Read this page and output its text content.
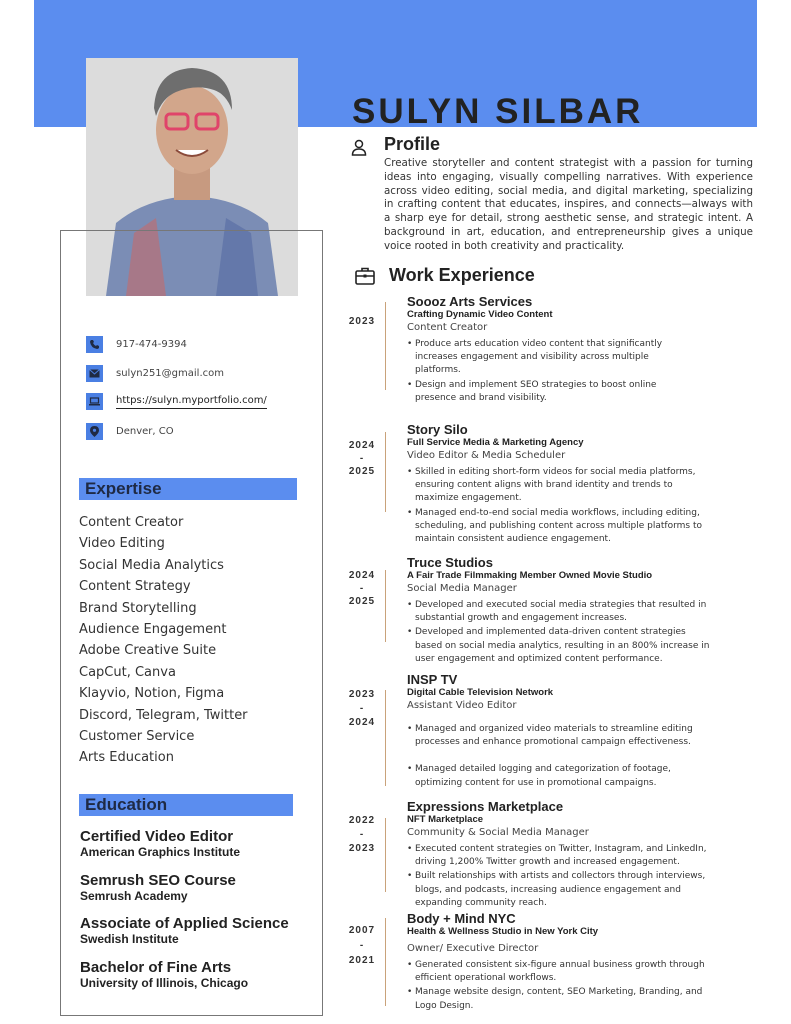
SULYN SILBAR
917-474-9394
sulyn251@gmail.com
https://sulyn.myportfolio.com/
Denver, CO
Expertise
Content Creator
Video Editing
Social Media Analytics
Content Strategy
Brand Storytelling
Audience Engagement
Adobe Creative Suite
CapCut, Canva
Klayvio, Notion, Figma
Discord, Telegram, Twitter
Customer Service
Arts Education
Education
Certified Video Editor
American Graphics Institute
Semrush SEO Course
Semrush Academy
Associate of Applied Science
Swedish Institute
Bachelor of Fine Arts
University of Illinois, Chicago
Profile
Creative storyteller and content strategist with a passion for turning ideas into engaging, visually compelling narratives. With experience across video editing, social media, and digital marketing, specializing in crafting content that educates, inspires, and connects—always with a sharp eye for detail, strong aesthetic sense, and strategic intent. A background in art, education, and entrepreneurship gives a unique voice rooted in both creativity and practicality.
Work Experience
2023
Soooz Arts Services
Crafting Dynamic Video Content
Content Creator
• Produce arts education video content that significantly increases engagement and visibility across multiple platforms.
• Design and implement SEO strategies to boost online presence and brand visibility.
2024
-
2025
Story Silo
Full Service Media & Marketing Agency
Video Editor & Media Scheduler
• Skilled in editing short-form videos for social media platforms, ensuring content aligns with brand identity and trends to maximize engagement.
• Managed end-to-end social media workflows, including editing, scheduling, and publishing content across multiple platforms to maintain consistent audience engagement.
2024
-
2025
Truce Studios
A Fair Trade Filmmaking Member Owned Movie Studio
Social Media Manager
• Developed and executed social media strategies that resulted in substantial growth and engagement increases.
• Developed and implemented data-driven content strategies based on social media analytics, resulting in an 800% increase in user engagement and optimized content performance.
2023
-
2024
INSP TV
Digital Cable Television Network
Assistant Video Editor
• Managed and organized video materials to streamline editing processes and enhance promotional campaign effectiveness.
• Managed detailed logging and categorization of footage, optimizing content for use in promotional campaigns.
2022
-
2023
Expressions Marketplace
NFT Marketplace
Community & Social Media Manager
• Executed content strategies on Twitter, Instagram, and LinkedIn, driving 1,200% Twitter growth and increased engagement.
• Built relationships with artists and collectors through interviews, blogs, and podcasts, increasing audience engagement and expanding community reach.
2007
-
2021
Body + Mind NYC
Health & Wellness Studio in New York City
Owner/ Executive Director
• Generated consistent six-figure annual business growth through efficient operational workflows.
• Manage website design, content, SEO Marketing, Branding, and Logo Design.
